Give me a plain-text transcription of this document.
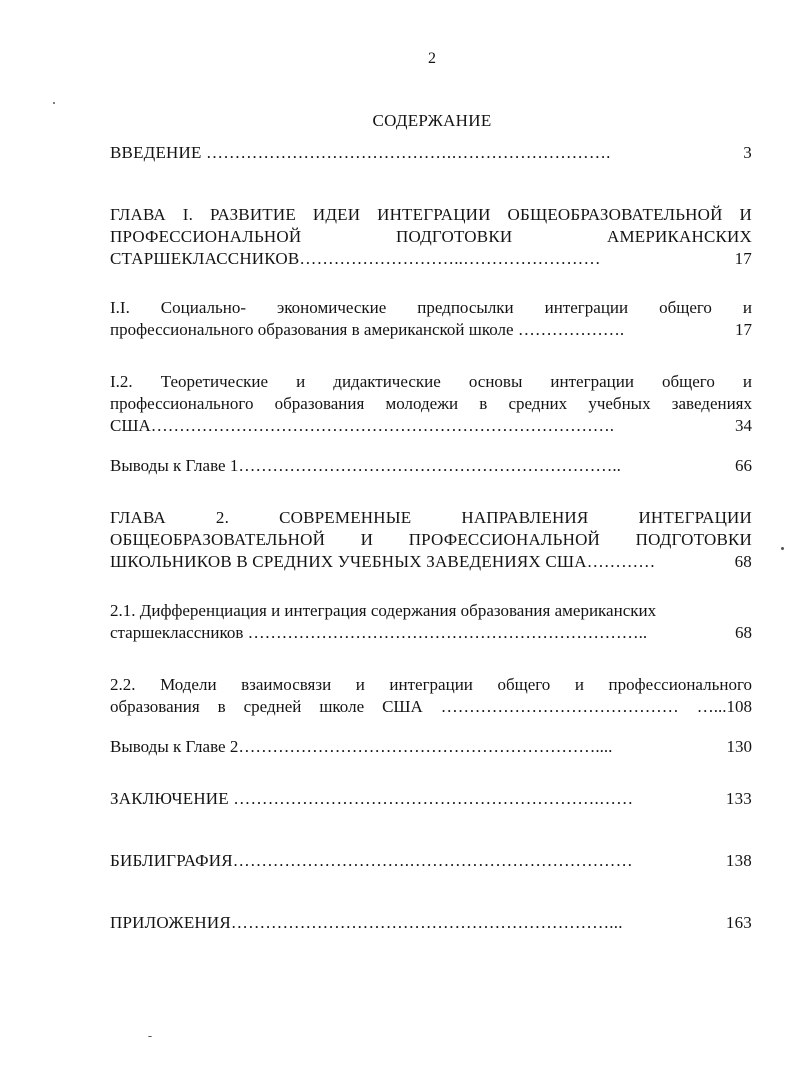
2
СОДЕРЖАНИЕ
ВВЕДЕНИЕ …………………………………….……………………….	3
ГЛАВА I. РАЗВИТИЕ ИДЕИ ИНТЕГРАЦИИ ОБЩЕОБРАЗОВАТЕЛЬНОЙ И
ПРОФЕССИОНАЛЬНОЙ ПОДГОТОВКИ АМЕРИКАНСКИХ
СТАРШЕКЛАССНИКОВ………………………..……………………	17
I.I. Социально- экономические предпосылки интеграции общего и
профессионального образования в американской школе ……………….	17
I.2. Теоретические и дидактические основы интеграции общего и
профессионального образования молодежи в средних учебных заведениях
США……………………………………………………………………….	34
Выводы к Главе 1…………………………………………………………..	66
ГЛАВА 2. СОВРЕМЕННЫЕ НАПРАВЛЕНИЯ ИНТЕГРАЦИИ
ОБЩЕОБРАЗОВАТЕЛЬНОЙ И ПРОФЕССИОНАЛЬНОЙ ПОДГОТОВКИ
ШКОЛЬНИКОВ В СРЕДНИХ УЧЕБНЫХ ЗАВЕДЕНИЯХ США…………	68
2.1. Дифференциация и интеграция содержания образования американских
старшеклассников ……………………………………………………………..	68
2.2. Модели взаимосвязи и интеграции общего и профессионального
образования в средней школе США …………………………………… …...108
Выводы к Главе 2………………………………………………………....	130
ЗАКЛЮЧЕНИЕ ……………………………………………………….……	133
БИБЛИГРАФИЯ………………………….…………………………………	138
ПРИЛОЖЕНИЯ…………………………………………………………...	163
